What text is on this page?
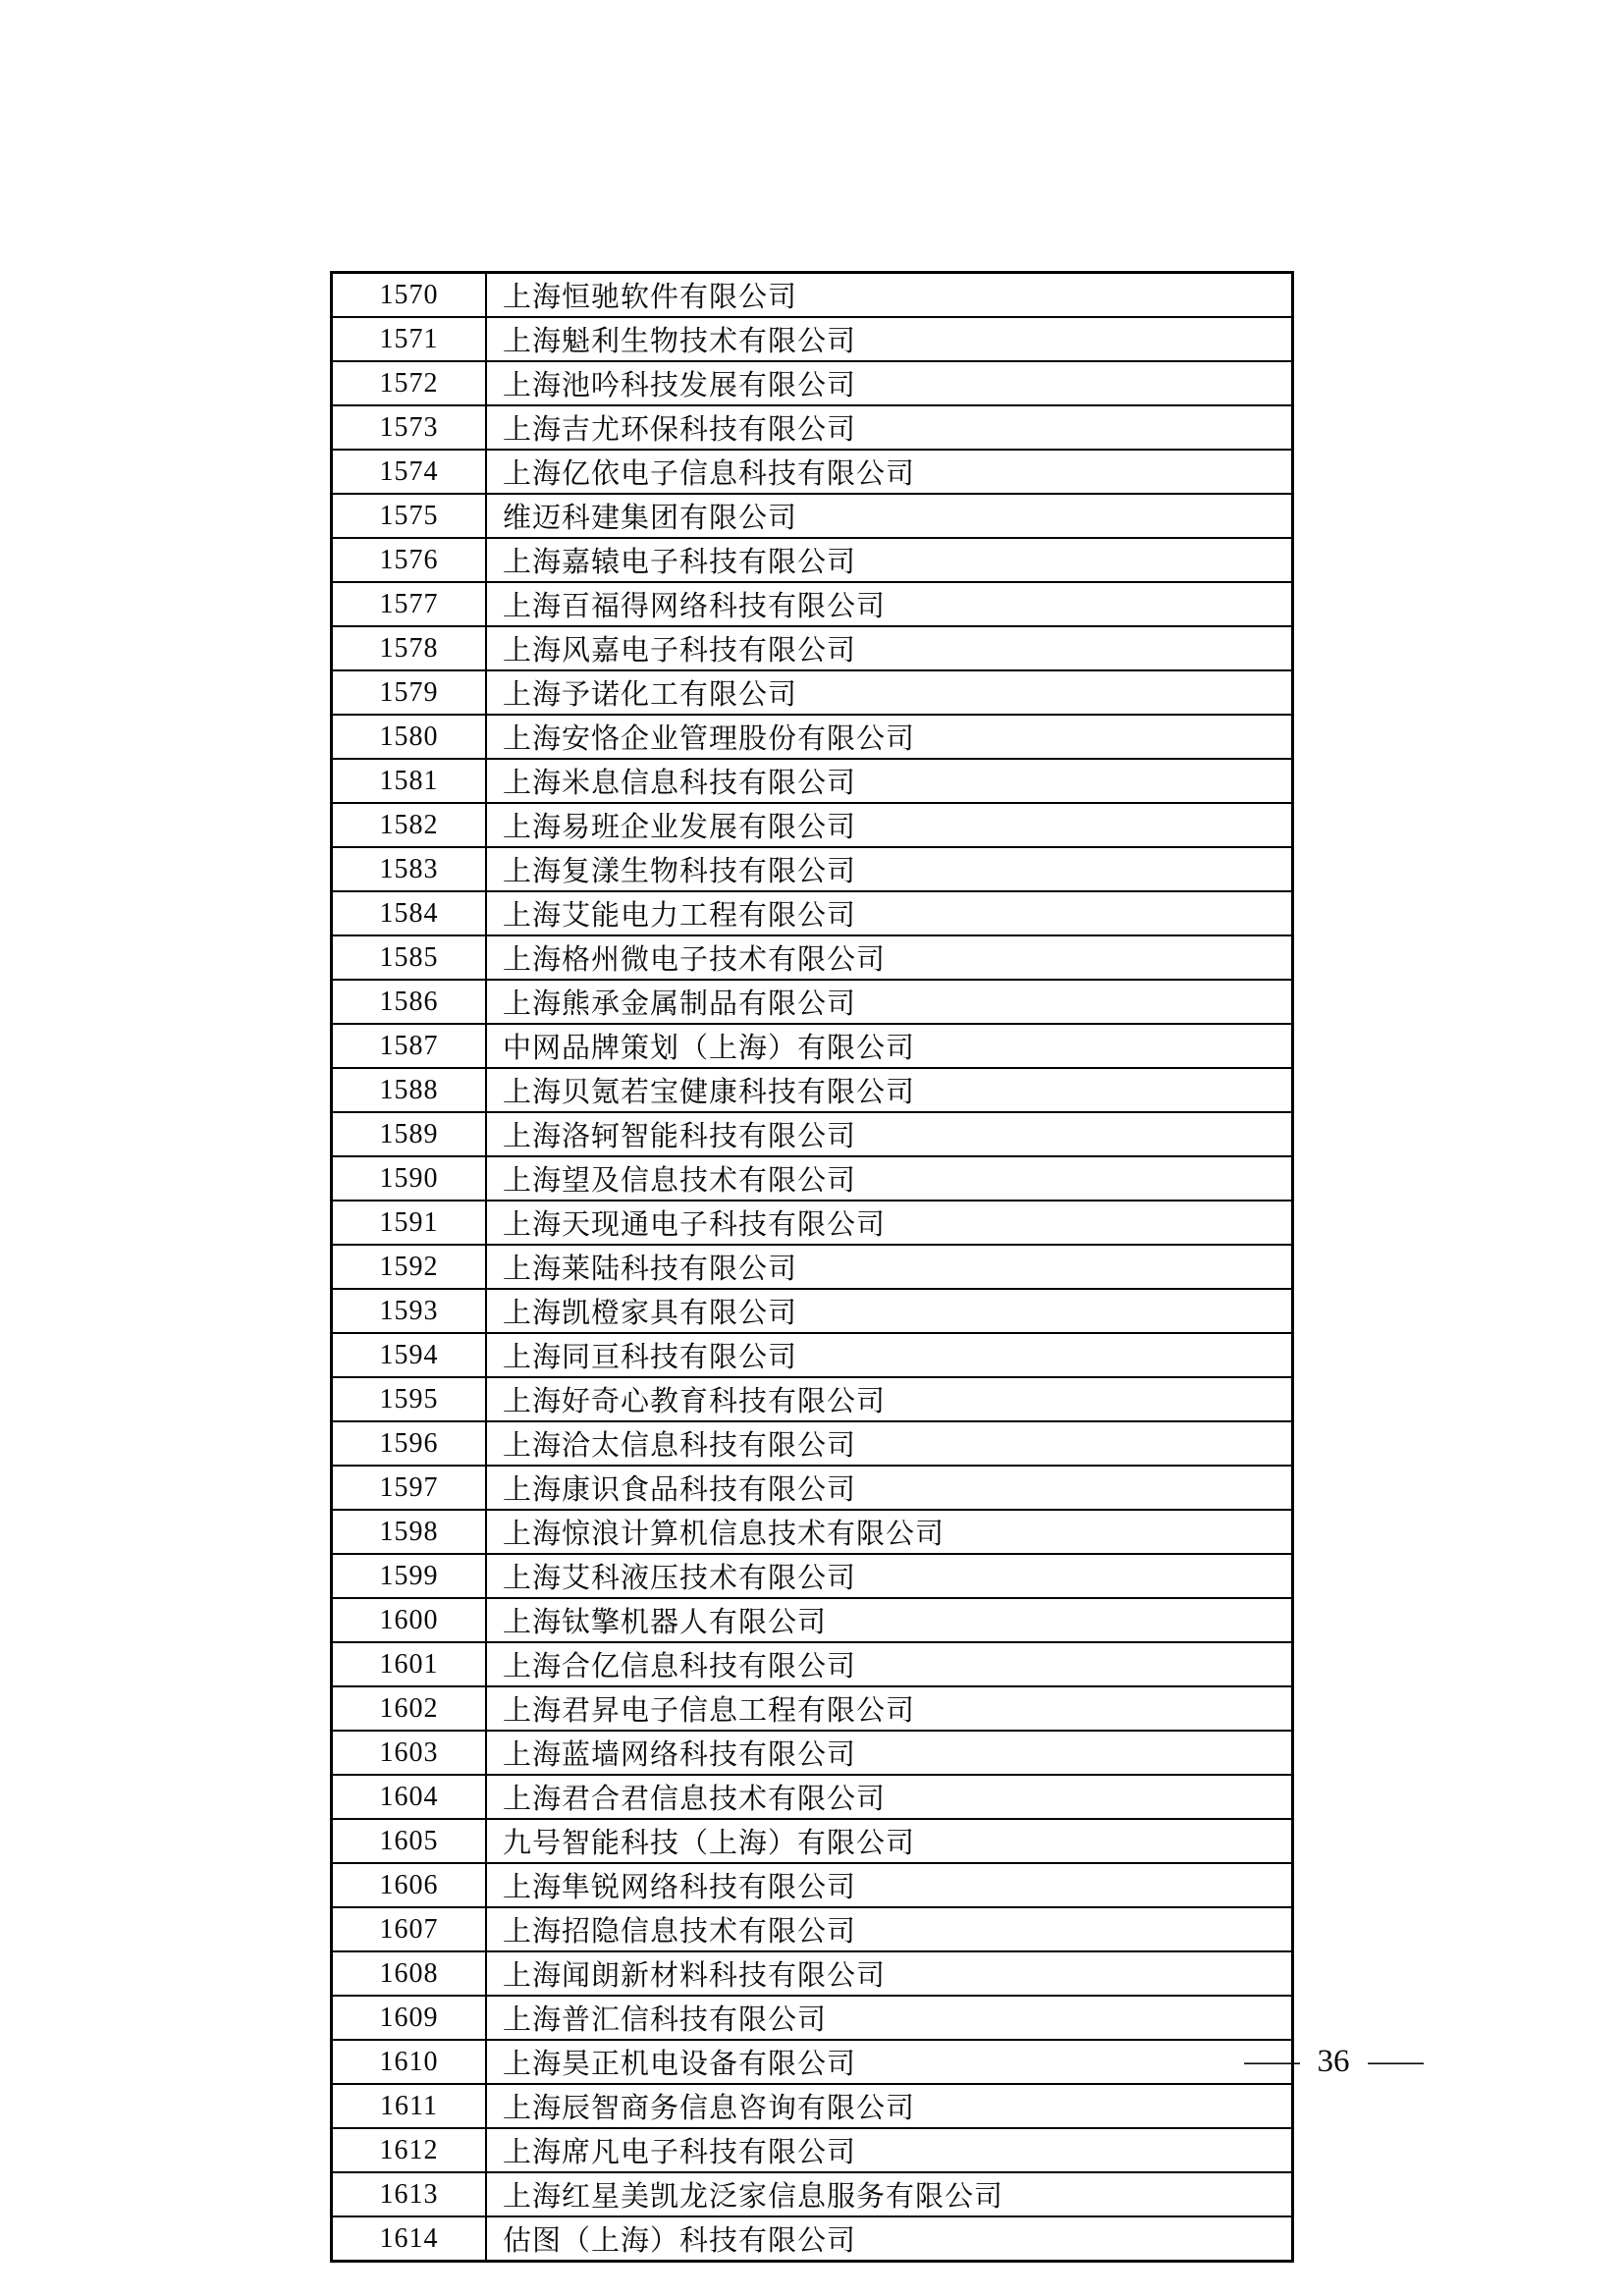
1570	上海恒驰软件有限公司
1571	上海魁利生物技术有限公司
1572	上海池吟科技发展有限公司
1573	上海吉尤环保科技有限公司
1574	上海亿依电子信息科技有限公司
1575	维迈科建集团有限公司
1576	上海嘉辕电子科技有限公司
1577	上海百福得网络科技有限公司
1578	上海风嘉电子科技有限公司
1579	上海予诺化工有限公司
1580	上海安恪企业管理股份有限公司
1581	上海米息信息科技有限公司
1582	上海易班企业发展有限公司
1583	上海复漾生物科技有限公司
1584	上海艾能电力工程有限公司
1585	上海格州微电子技术有限公司
1586	上海熊承金属制品有限公司
1587	中网品牌策划（上海）有限公司
1588	上海贝氪若宝健康科技有限公司
1589	上海洛轲智能科技有限公司
1590	上海望及信息技术有限公司
1591	上海天现通电子科技有限公司
1592	上海莱陆科技有限公司
1593	上海凯橙家具有限公司
1594	上海同亘科技有限公司
1595	上海好奇心教育科技有限公司
1596	上海洽太信息科技有限公司
1597	上海康识食品科技有限公司
1598	上海惊浪计算机信息技术有限公司
1599	上海艾科液压技术有限公司
1600	上海钛擎机器人有限公司
1601	上海合亿信息科技有限公司
1602	上海君昇电子信息工程有限公司
1603	上海蓝墙网络科技有限公司
1604	上海君合君信息技术有限公司
1605	九号智能科技（上海）有限公司
1606	上海隼锐网络科技有限公司
1607	上海招隐信息技术有限公司
1608	上海闻朗新材料科技有限公司
1609	上海普汇信科技有限公司
1610	上海昊正机电设备有限公司
1611	上海辰智商务信息咨询有限公司
1612	上海席凡电子科技有限公司
1613	上海红星美凯龙泛家信息服务有限公司
1614	估图（上海）科技有限公司
— 36 —
